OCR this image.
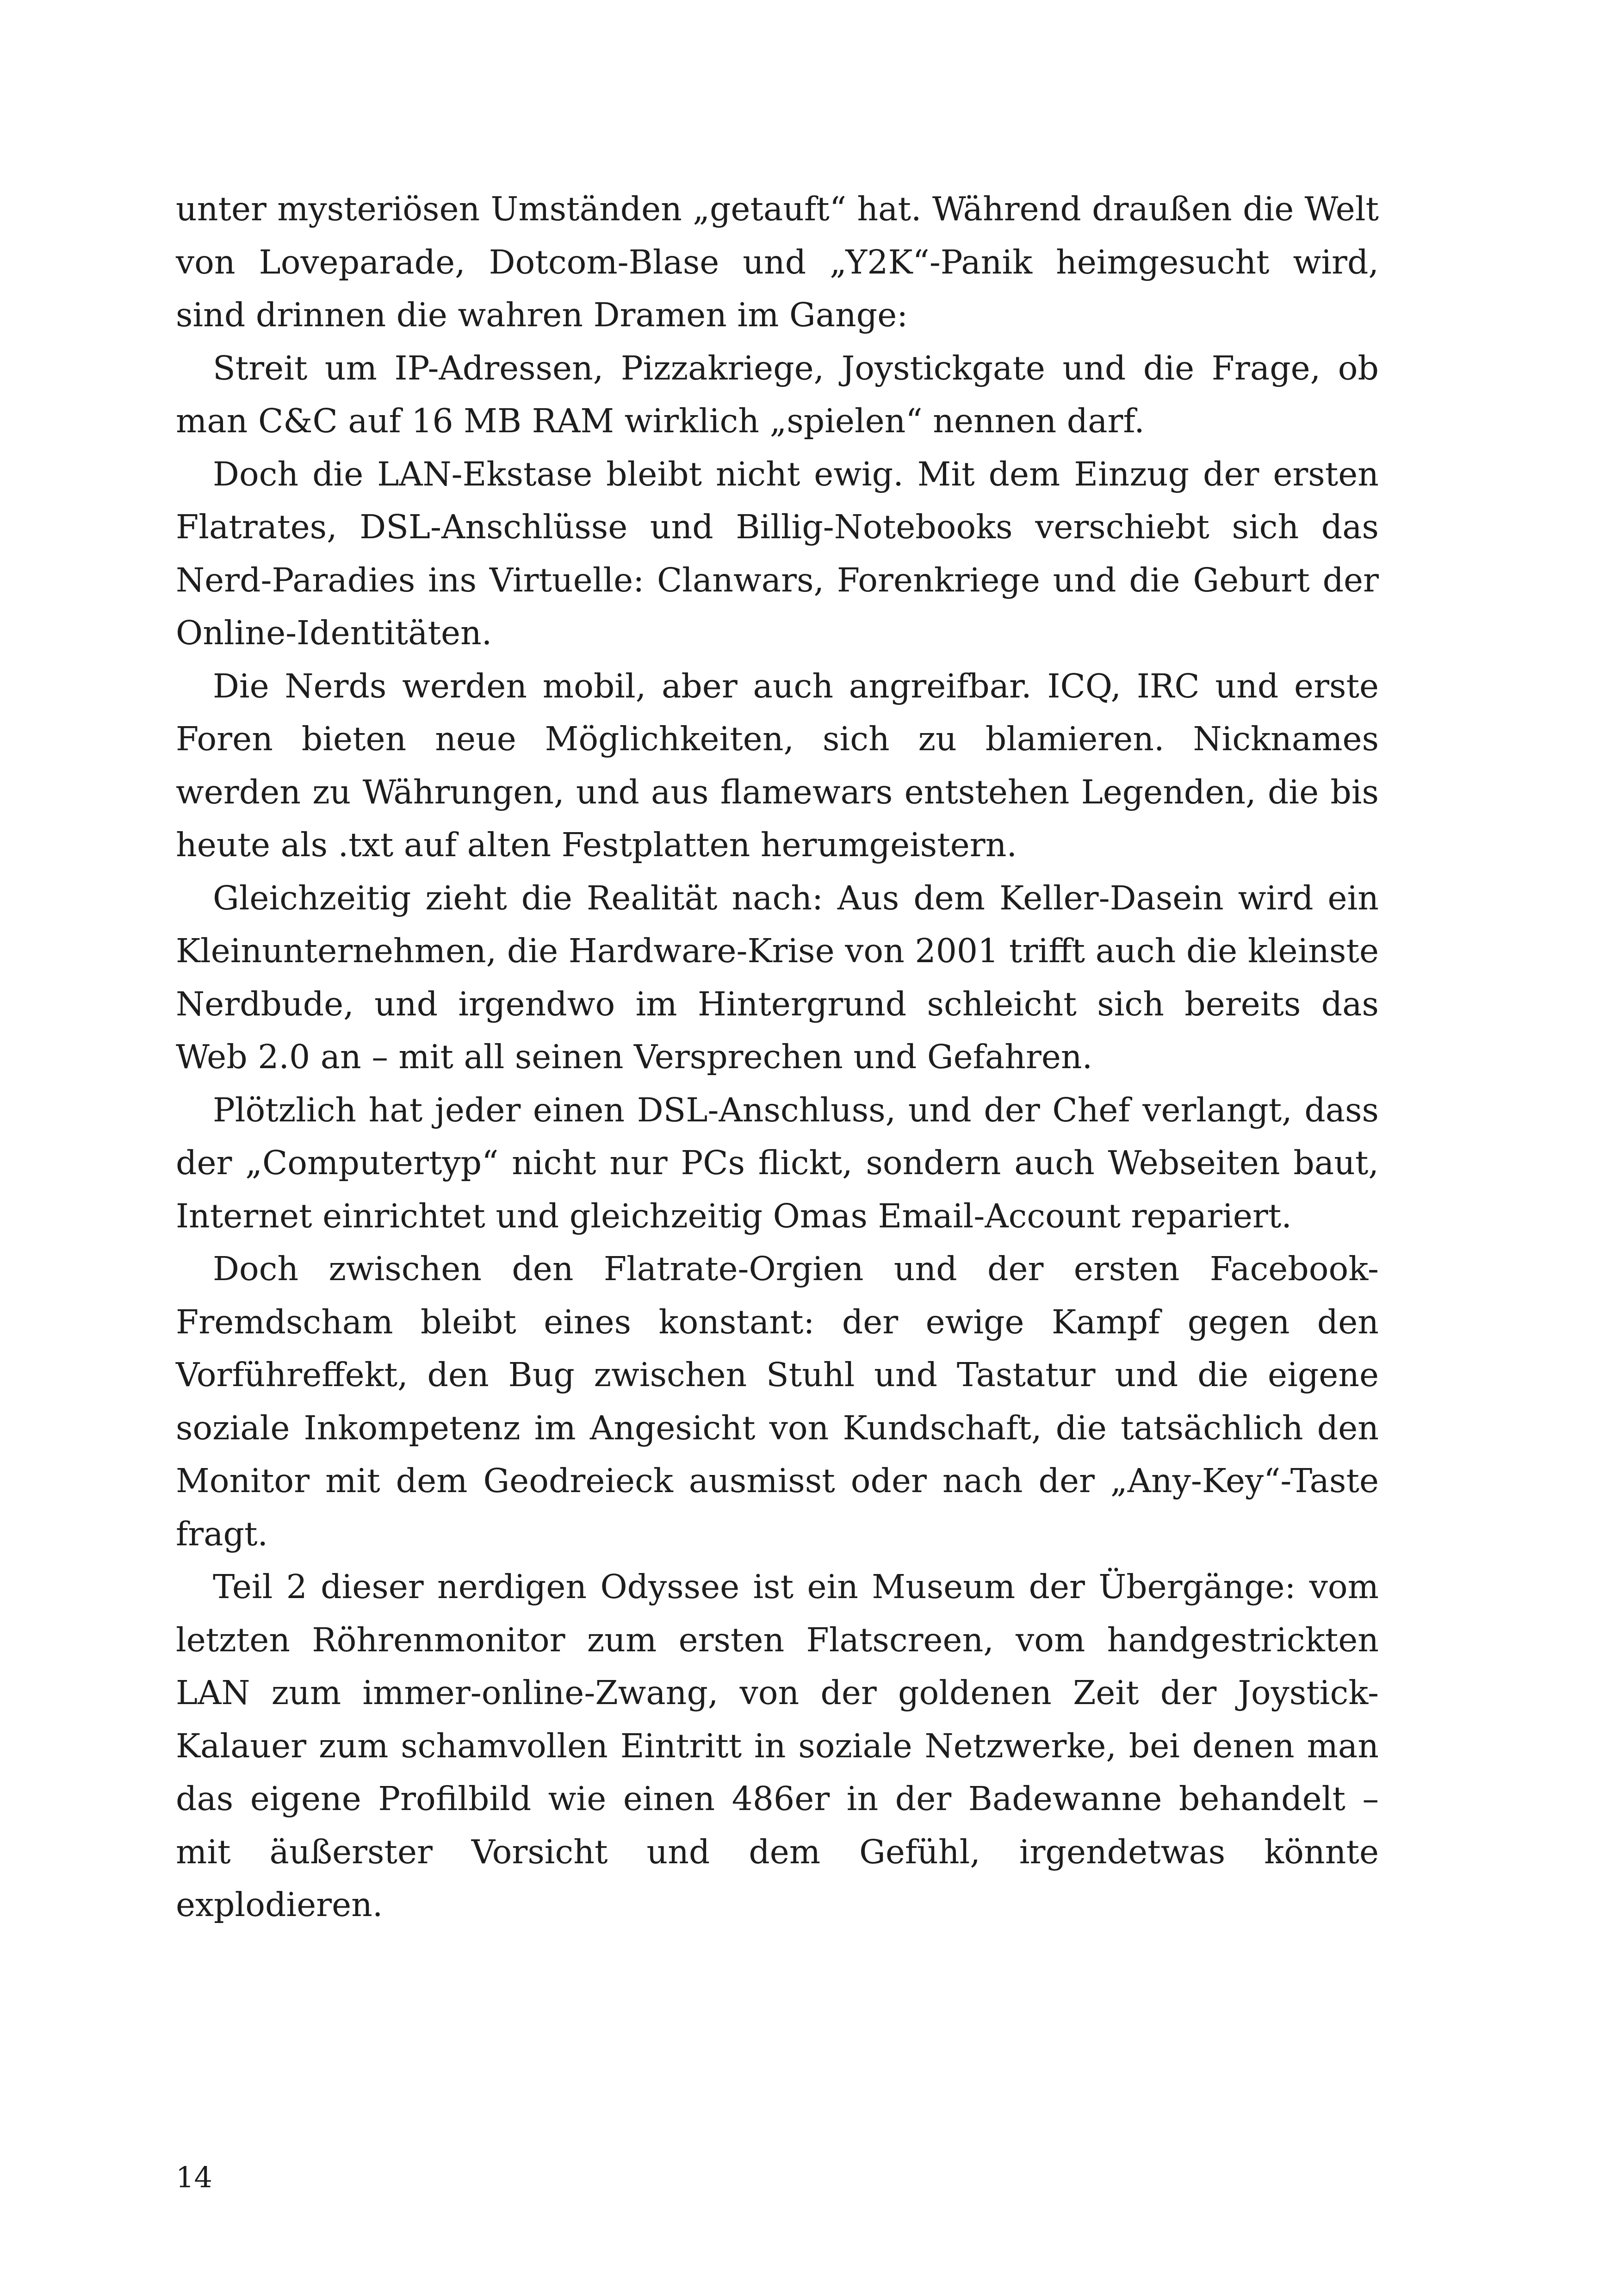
unter mysteriösen Umständen „getauft“ hat. Während draußen die Welt von Loveparade, Dotcom-Blase und „Y2K“-Panik heimgesucht wird, sind drinnen die wahren Dramen im Gange:

Streit um IP-Adressen, Pizzakriege, Joystickgate und die Frage, ob man C&C auf 16 MB RAM wirklich „spielen“ nennen darf.

Doch die LAN-Ekstase bleibt nicht ewig. Mit dem Einzug der ersten Flatrates, DSL-Anschlüsse und Billig-Notebooks verschiebt sich das Nerd-Paradies ins Virtuelle: Clanwars, Forenkriege und die Geburt der Online-Identitäten.

Die Nerds werden mobil, aber auch angreifbar. ICQ, IRC und erste Foren bieten neue Möglichkeiten, sich zu blamieren. Nicknames werden zu Währungen, und aus flamewars entstehen Legenden, die bis heute als .txt auf alten Festplatten herumgeistern.

Gleichzeitig zieht die Realität nach: Aus dem Keller-Dasein wird ein Kleinunternehmen, die Hardware-Krise von 2001 trifft auch die kleinste Nerdbude, und irgendwo im Hintergrund schleicht sich bereits das Web 2.0 an – mit all seinen Versprechen und Gefahren.

Plötzlich hat jeder einen DSL-Anschluss, und der Chef verlangt, dass der „Computertyp“ nicht nur PCs flickt, sondern auch Webseiten baut, Internet einrichtet und gleichzeitig Omas Email-Account repariert.

Doch zwischen den Flatrate-Orgien und der ersten Facebook-Fremdscham bleibt eines konstant: der ewige Kampf gegen den Vorführeffekt, den Bug zwischen Stuhl und Tastatur und die eigene soziale Inkompetenz im Angesicht von Kundschaft, die tatsächlich den Monitor mit dem Geodreieck ausmisst oder nach der „Any-Key“-Taste fragt.

Teil 2 dieser nerdigen Odyssee ist ein Museum der Übergänge: vom letzten Röhrenmonitor zum ersten Flatscreen, vom handgestrickten LAN zum immer-online-Zwang, von der goldenen Zeit der Joystick-Kalauer zum schamvollen Eintritt in soziale Netzwerke, bei denen man das eigene Profilbild wie einen 486er in der Badewanne behandelt – mit äußerster Vorsicht und dem Gefühl, irgendetwas könnte explodieren.

14
